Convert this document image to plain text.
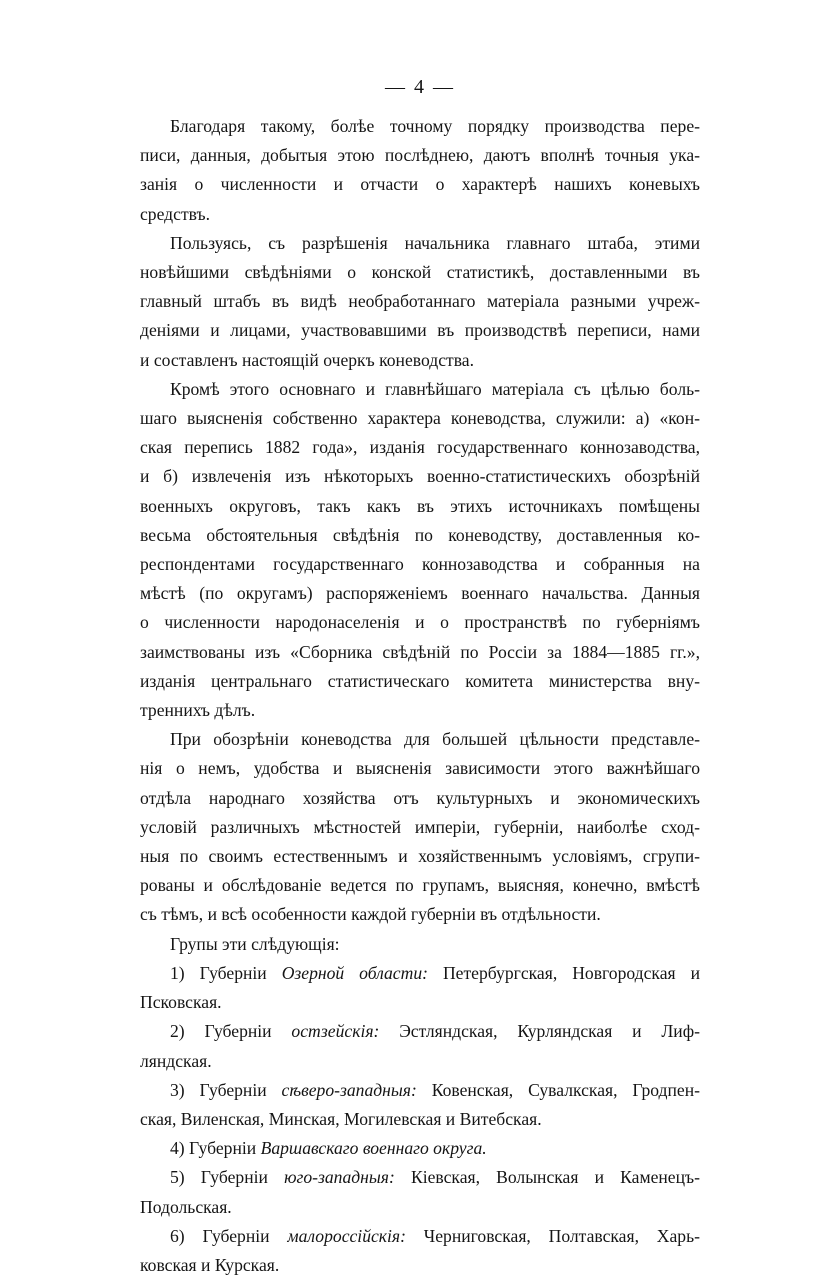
— 4 —
Благодаря такому, болѣе точному порядку производства пере-
писи, данныя, добытыя этою послѣднею, даютъ вполнѣ точныя ука-
занія о численности и отчасти о характерѣ нашихъ коневыхъ
средствъ.
Пользуясь, съ разрѣшенія начальника главнаго штаба, этими
новѣйшими свѣдѣніями о конской статистикѣ, доставленными въ
главный штабъ въ видѣ необработаннаго матеріала разными учреж-
деніями и лицами, участвовавшими въ производствѣ переписи, нами
и составленъ настоящій очеркъ коневодства.
Кромѣ этого основнаго и главнѣйшаго матеріала съ цѣлью боль-
шаго выясненія собственно характера коневодства, служили: а) «кон-
ская перепись 1882 года», изданія государственнаго коннозаводства,
и б) извлеченія изъ нѣкоторыхъ военно-статистическихъ обозрѣній
военныхъ округовъ, такъ какъ въ этихъ источникахъ помѣщены
весьма обстоятельныя свѣдѣнія по коневодству, доставленныя ко-
респондентами государственнаго коннозаводства и собранныя на
мѣстѣ (по округамъ) распоряженіемъ военнаго начальства. Данныя
о численности народонаселенія и о пространствѣ по губерніямъ
заимствованы изъ «Сборника свѣдѣній по Россіи за 1884—1885 гг.»,
изданія центральнаго статистическаго комитета министерства вну-
треннихъ дѣлъ.
При обозрѣніи коневодства для большей цѣльности представле-
нія о немъ, удобства и выясненія зависимости этого важнѣйшаго
отдѣла народнаго хозяйства отъ культурныхъ и экономическихъ
условій различныхъ мѣстностей имперіи, губерніи, наиболѣе сход-
ныя по своимъ естественнымъ и хозяйственнымъ условіямъ, сгрупи-
рованы и обслѣдованіе ведется по групамъ, выясняя, конечно, вмѣстѣ
съ тѣмъ, и всѣ особенности каждой губерніи въ отдѣльности.
Групы эти слѣдующія:
1) Губерніи Озерной области: Петербургская, Новгородская и
Псковская.
2) Губерніи остзейскія: Эстляндская, Курляндская и Лиф-
ляндская.
3) Губерніи сѣверо-западныя: Ковенская, Сувалкская, Гродпен-
ская, Виленская, Минская, Могилевская и Витебская.
4) Губерніи Варшавскаго военнаго округа.
5) Губерніи юго-западныя: Кіевская, Волынская и Каменецъ-
Подольская.
6) Губерніи малороссійскія: Черниговская, Полтавская, Харь-
ковская и Курская.
